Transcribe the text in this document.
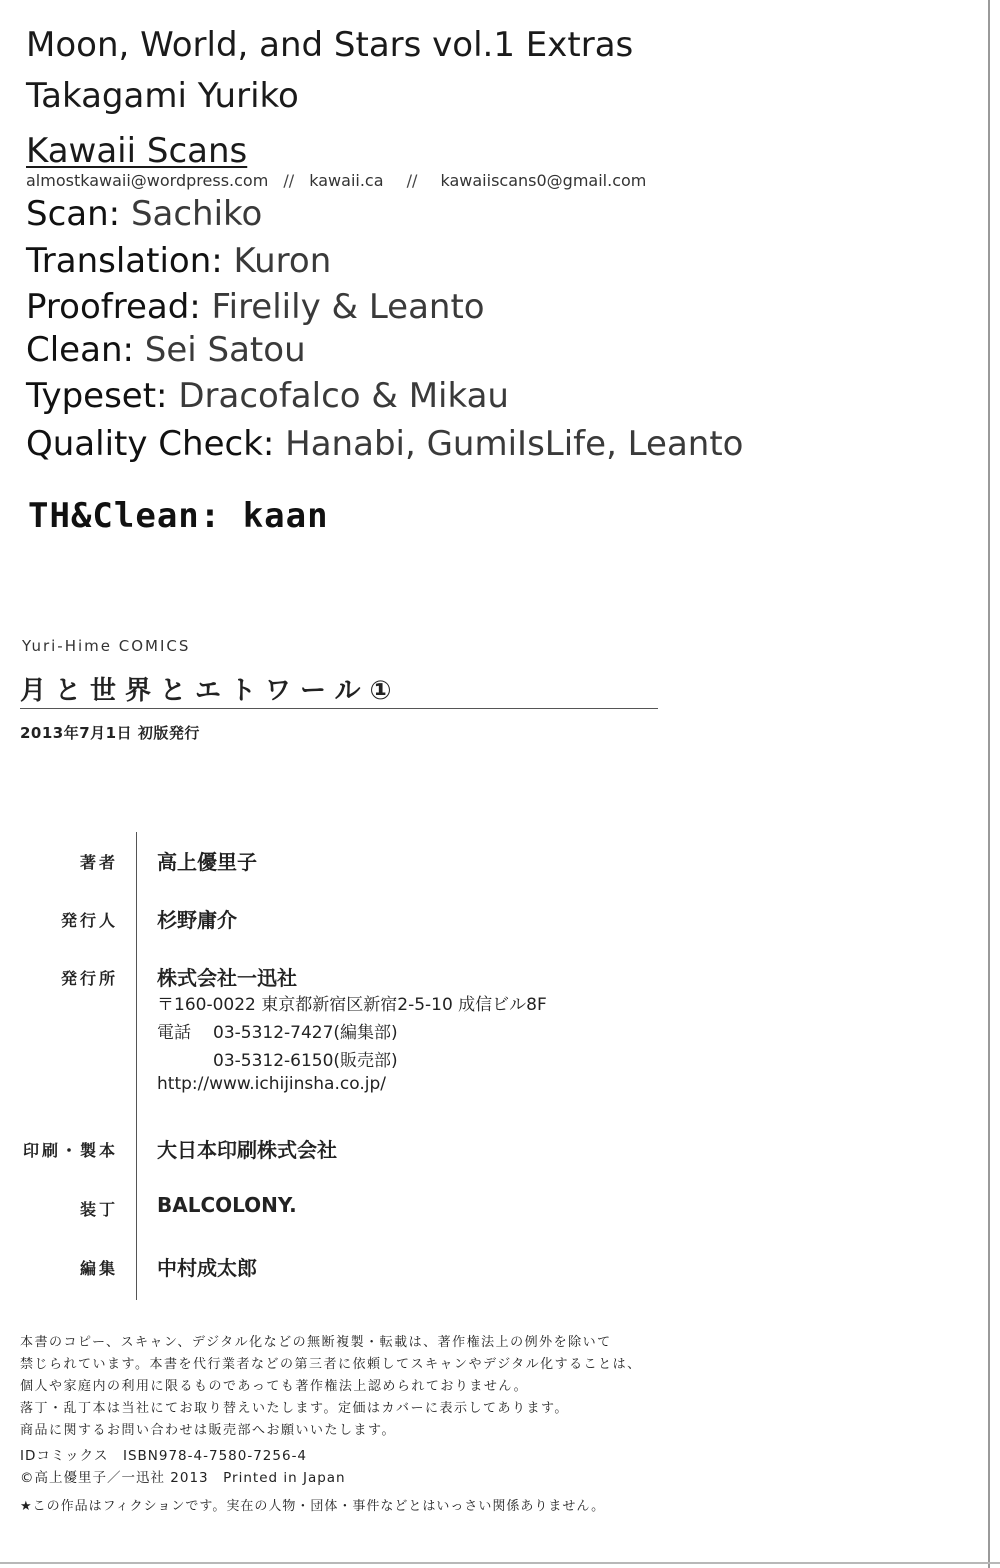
Moon, World, and Stars vol.1 Extras
Takagami Yuriko
Kawaii Scans
almostkawaii@wordpress.com // kawaii.ca // kawaiiscans0@gmail.com
Scan: Sachiko
Translation: Kuron
Proofread: Firelily & Leanto
Clean: Sei Satou
Typeset: Dracofalco & Mikau
Quality Check: Hanabi, GumiIsLife, Leanto
TH&Clean: kaan
Yuri-Hime COMICS
月と世界とエトワール①
2013年7月1日 初版発行
著者 高上優里子
発行人 杉野庸介
発行所 株式会社一迅社
〒160-0022 東京都新宿区新宿2-5-10 成信ビル8F
電話 03-5312-7427(編集部)
03-5312-6150(販売部)
http://www.ichijinsha.co.jp/
印刷・製本 大日本印刷株式会社
装丁 BALCOLONY.
編集 中村成太郎
本書のコピー、スキャン、デジタル化などの無断複製・転載は、著作権法上の例外を除いて
禁じられています。本書を代行業者などの第三者に依頼してスキャンやデジタル化することは、
個人や家庭内の利用に限るものであっても著作権法上認められておりません。
落丁・乱丁本は当社にてお取り替えいたします。定価はカバーに表示してあります。
商品に関するお問い合わせは販売部へお願いいたします。
IDコミックス　ISBN978-4-7580-7256-4
©高上優里子／一迅社 2013　Printed in Japan
★この作品はフィクションです。実在の人物・団体・事件などとはいっさい関係ありません。
